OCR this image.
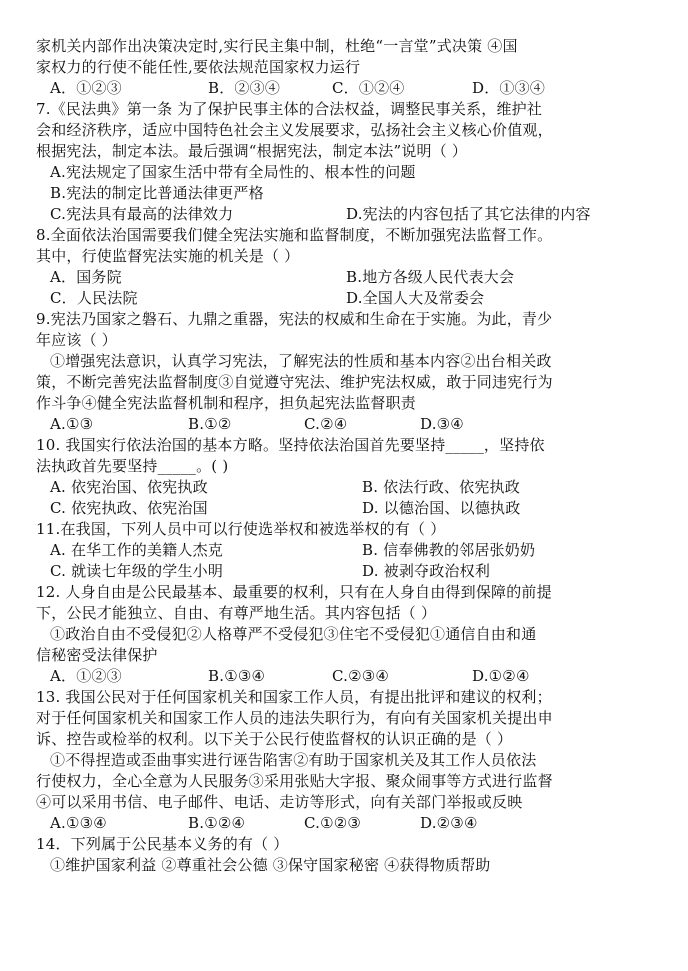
家机关内部作出决策决定时,实行民主集中制，杜绝“一言堂”式决策 ④国
家权力的行使不能任性,要依法规范国家权力运行
A．①②③	B．②③④	C．①②④	D．①③④
7.《民法典》第一条 为了保护民事主体的合法权益，调整民事关系，维护社
会和经济秩序，适应中国特色社会主义发展要求，弘扬社会主义核心价值观，
根据宪法，制定本法。最后强调“根据宪法，制定本法”说明（ ）
A.宪法规定了国家生活中带有全局性的、根本性的问题
B.宪法的制定比普通法律更严格
C.宪法具有最高的法律效力	D.宪法的内容包括了其它法律的内容
8.全面依法治国需要我们健全宪法实施和监督制度，不断加强宪法监督工作。
其中，行使监督宪法实施的机关是（ ）
A．国务院	B.地方各级人民代表大会
C．人民法院	D.全国人大及常委会
9.宪法乃国家之磐石、九鼎之重器，宪法的权威和生命在于实施。为此，青少
年应该（ ）
①增强宪法意识，认真学习宪法，了解宪法的性质和基本内容②出台相关政
策，不断完善宪法监督制度③自觉遵守宪法、维护宪法权威，敢于同违宪行为
作斗争④健全宪法监督机制和程序，担负起宪法监督职责
A.①③	B.①②	C.②④	D.③④
10. 我国实行依法治国的基本方略。坚持依法治国首先要坚持_____，坚持依
法执政首先要坚持_____。( )
A. 依宪治国、依宪执政	B. 依法行政、依宪执政
C. 依宪执政、依宪治国	D. 以德治国、以德执政
11.在我国，下列人员中可以行使选举权和被选举权的有（ ）
A. 在华工作的美籍人杰克	B. 信奉佛教的邻居张奶奶
C. 就读七年级的学生小明	D. 被剥夺政治权利
12. 人身自由是公民最基本、最重要的权利，只有在人身自由得到保障的前提
下，公民才能独立、自由、有尊严地生活。其内容包括（ ）
①政治自由不受侵犯②人格尊严不受侵犯③住宅不受侵犯①通信自由和通
信秘密受法律保护
A．①②③	B.①③④	C.②③④	D.①②④
13. 我国公民对于任何国家机关和国家工作人员，有提出批评和建议的权利；
对于任何国家机关和国家工作人员的违法失职行为，有向有关国家机关提出申
诉、控告或检举的权利。以下关于公民行使监督权的认识正确的是（ ）
①不得捏造或歪曲事实进行诬告陷害②有助于国家机关及其工作人员依法
行使权力，全心全意为人民服务③采用张贴大字报、聚众闹事等方式进行监督
④可以采用书信、电子邮件、电话、走访等形式，向有关部门举报或反映
A.①③④	B.①②④	C.①②③	D.②③④
14．下列属于公民基本义务的有（ ）
①维护国家利益 ②尊重社会公德 ③保守国家秘密 ④获得物质帮助
